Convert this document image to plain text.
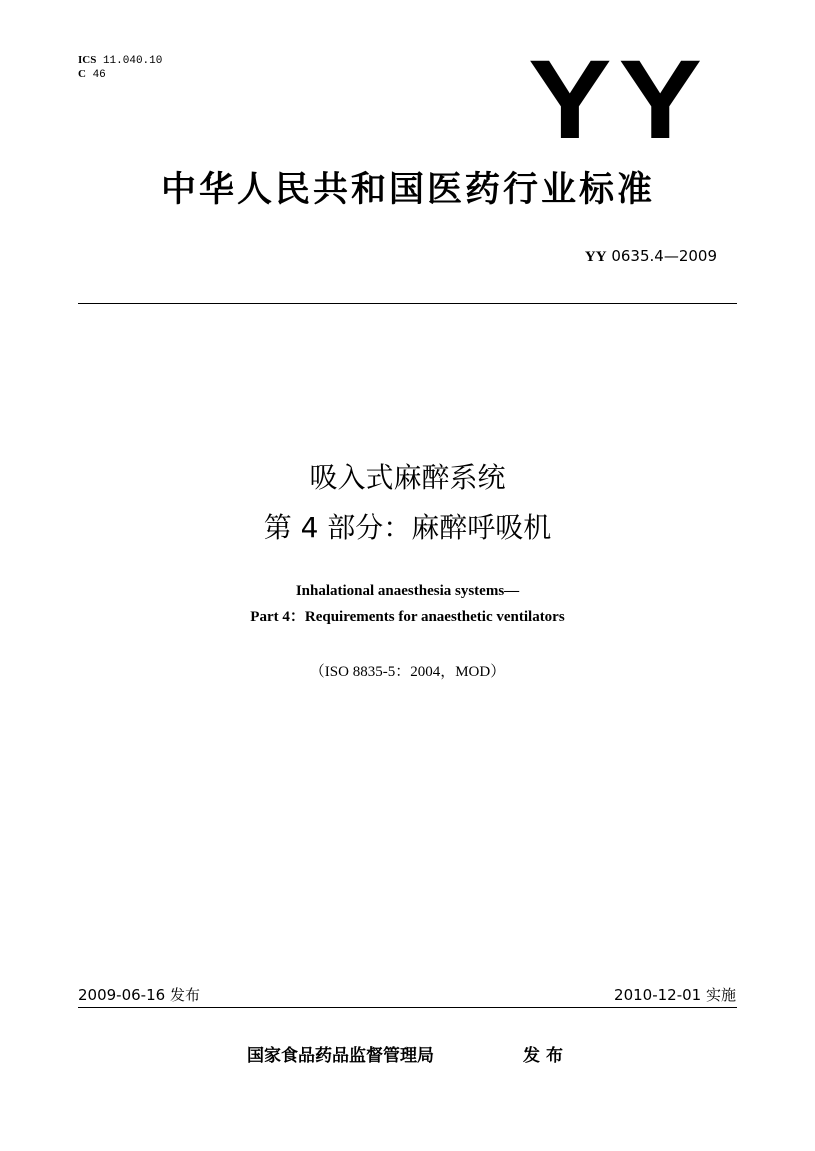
ICS 11.040.10
C 46	YY
中华人民共和国医药行业标准
YY 0635.4—2009
吸入式麻醉系统
第 4 部分：麻醉呼吸机
Inhalational anaesthesia systems—
Part 4：Requirements for anaesthetic ventilators
（ISO 8835-5：2004，MOD）
2009-06-16 发布	2010-12-01 实施
国家食品药品监督管理局	发布
